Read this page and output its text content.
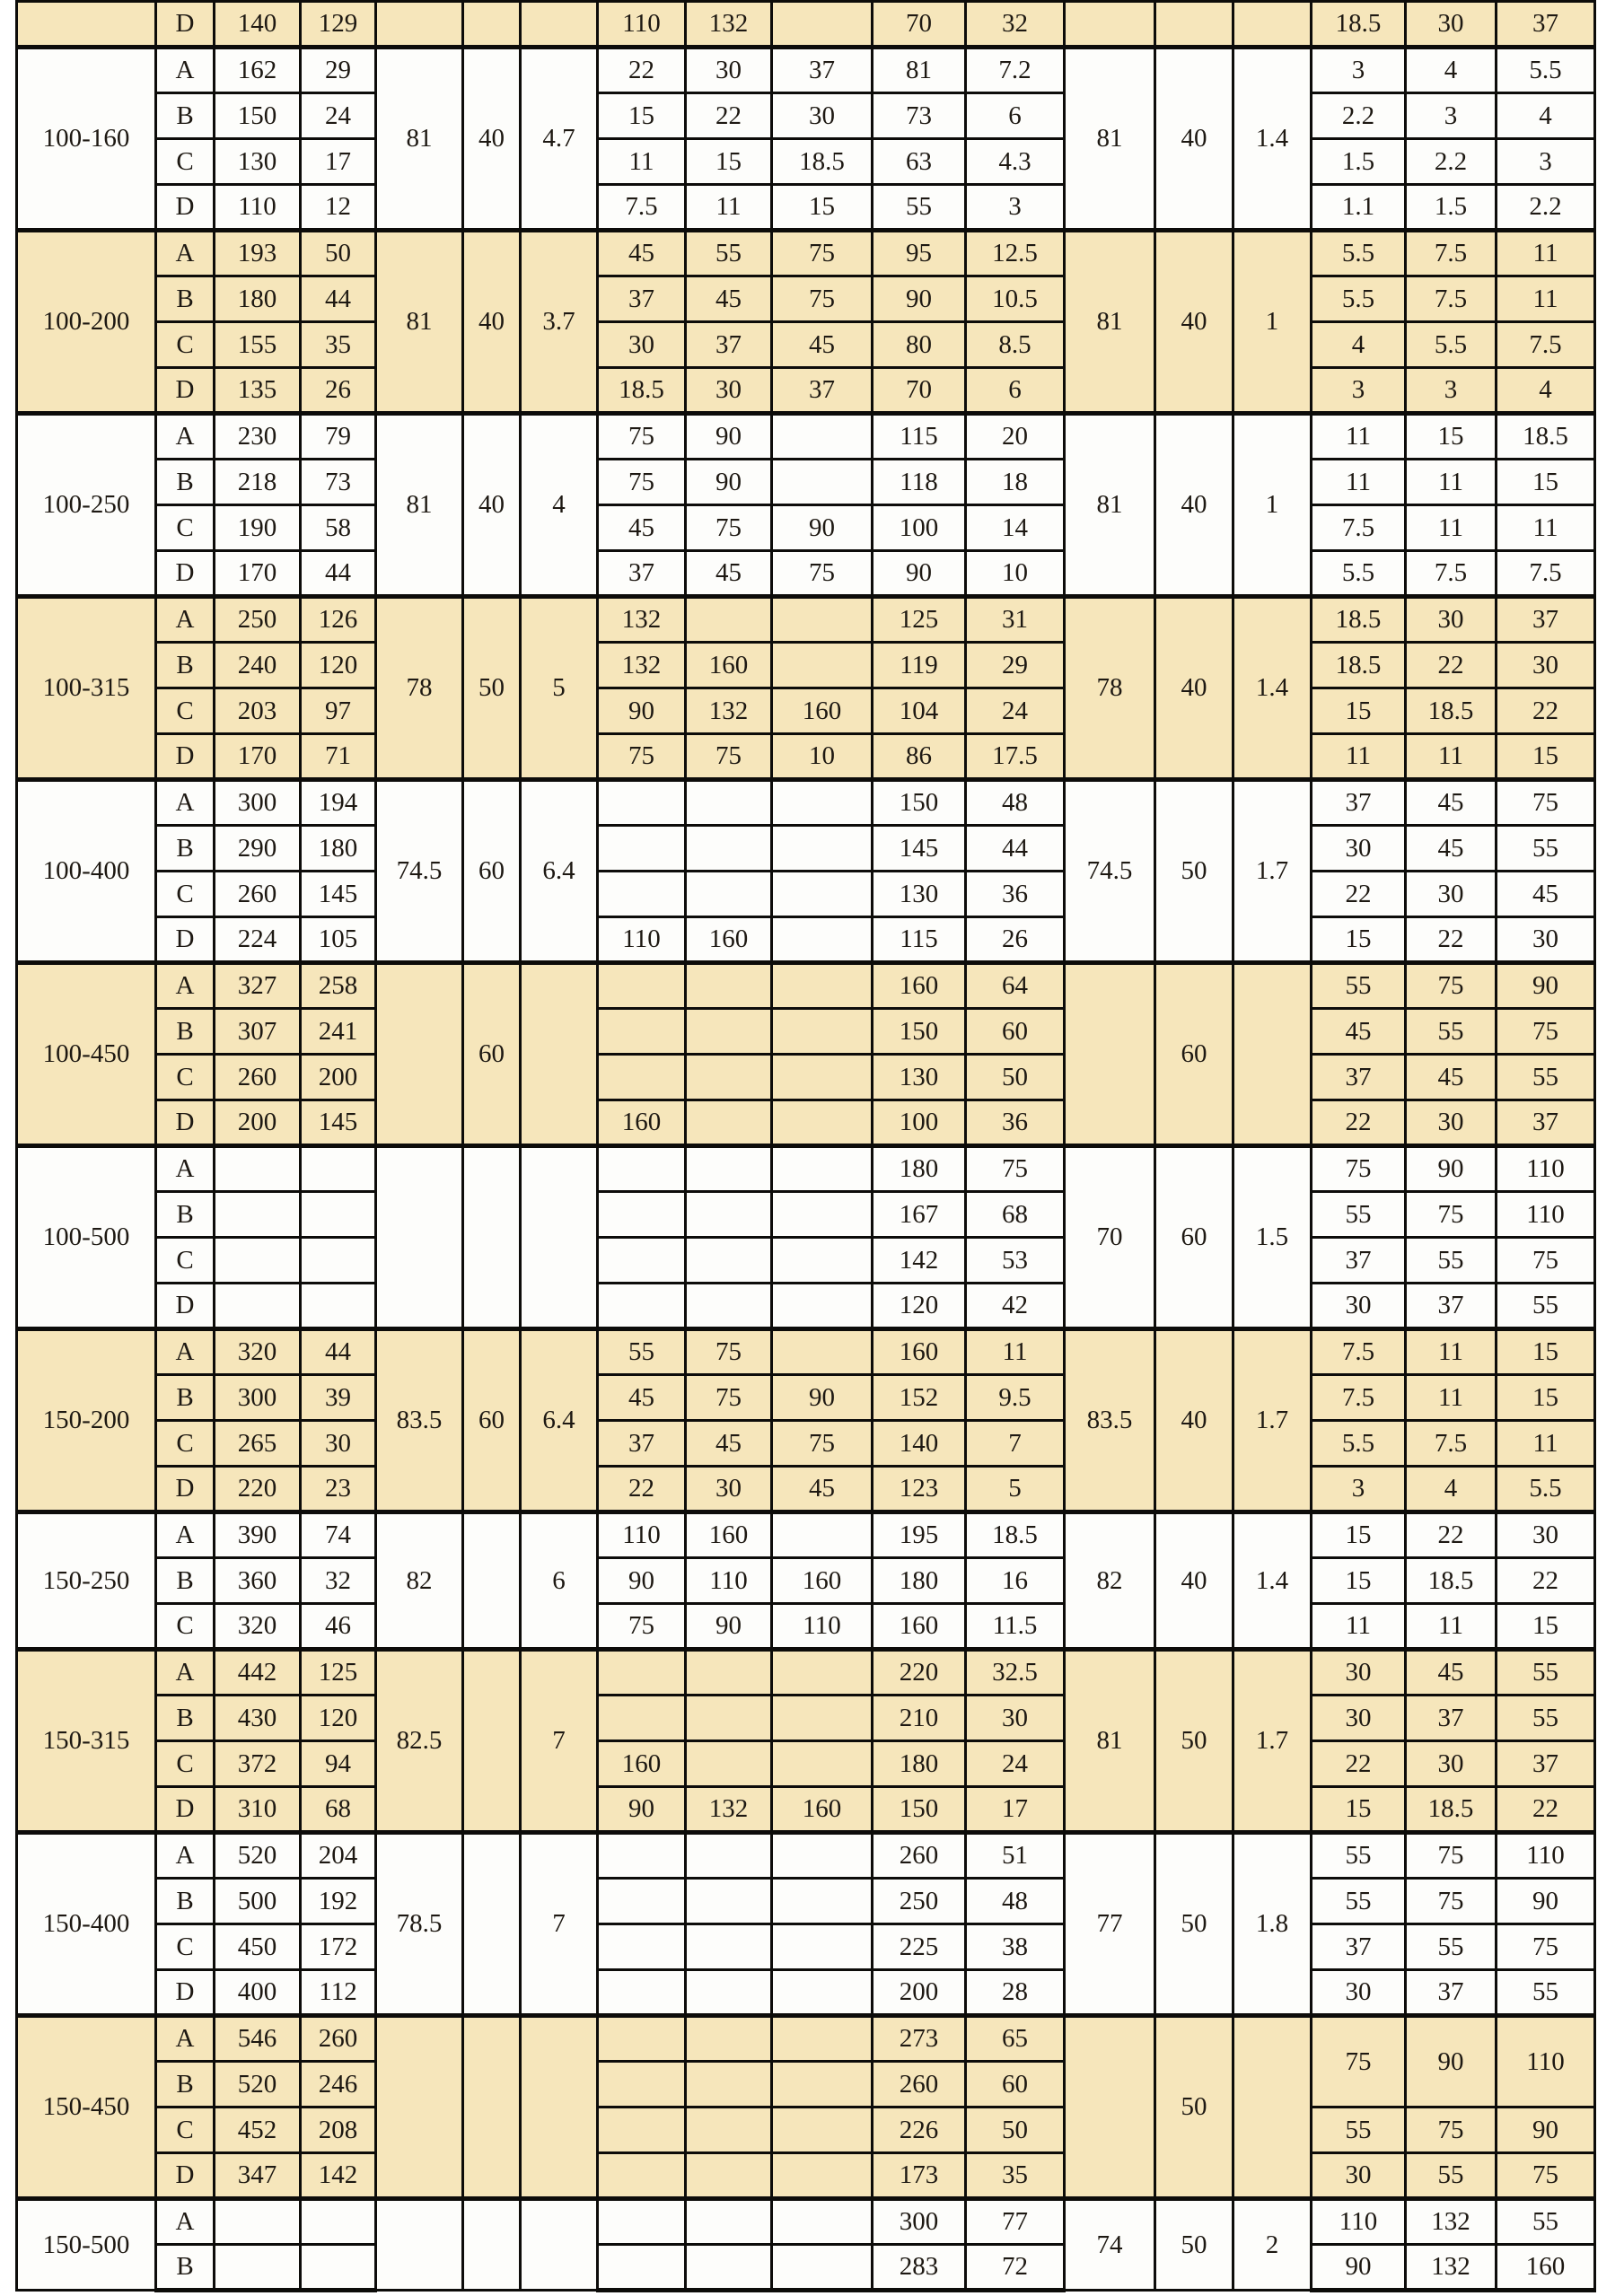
	D	140	129				110	132		70	32				18.5	30	37
100-160	A	162	29	81	40	4.7	22	30	37	81	7.2	81	40	1.4	3	4	5.5
	B	150	24				15	22	30	73	6				2.2	3	4
	C	130	17				11	15	18.5	63	4.3				1.5	2.2	3
	D	110	12				7.5	11	15	55	3				1.1	1.5	2.2
100-200	A	193	50	81	40	3.7	45	55	75	95	12.5	81	40	1	5.5	7.5	11
	B	180	44				37	45	75	90	10.5				5.5	7.5	11
	C	155	35				30	37	45	80	8.5				4	5.5	7.5
	D	135	26				18.5	30	37	70	6				3	3	4
100-250	A	230	79	81	40	4	75	90		115	20	81	40	1	11	15	18.5
	B	218	73				75	90		118	18				11	11	15
	C	190	58				45	75	90	100	14				7.5	11	11
	D	170	44				37	45	75	90	10				5.5	7.5	7.5
100-315	A	250	126	78	50	5	132			125	31	78	40	1.4	18.5	30	37
	B	240	120				132	160		119	29				18.5	22	30
	C	203	97				90	132	160	104	24				15	18.5	22
	D	170	71				75	75	10	86	17.5				11	11	15
100-400	A	300	194	74.5	60	6.4				150	48	74.5	50	1.7	37	45	75
	B	290	180							145	44				30	45	55
	C	260	145							130	36				22	30	45
	D	224	105				110	160		115	26				15	22	30
100-450	A	327	258		60					160	64		60		55	75	90
	B	307	241							150	60				45	55	75
	C	260	200							130	50				37	45	55
	D	200	145				160			100	36				22	30	37
100-500	A									180	75	70	60	1.5	75	90	110
	B									167	68				55	75	110
	C									142	53				37	55	75
	D									120	42				30	37	55
150-200	A	320	44	83.5	60	6.4	55	75		160	11	83.5	40	1.7	7.5	11	15
	B	300	39				45	75	90	152	9.5				7.5	11	15
	C	265	30				37	45	75	140	7				5.5	7.5	11
	D	220	23				22	30	45	123	5				3	4	5.5
150-250	A	390	74	82		6	110	160		195	18.5	82	40	1.4	15	22	30
	B	360	32				90	110	160	180	16				15	18.5	22
	C	320	46				75	90	110	160	11.5				11	11	15
150-315	A	442	125	82.5		7				220	32.5	81	50	1.7	30	45	55
	B	430	120							210	30				30	37	55
	C	372	94				160			180	24				22	30	37
	D	310	68				90	132	160	150	17				15	18.5	22
150-400	A	520	204	78.5		7				260	51	77	50	1.8	55	75	110
	B	500	192							250	48				55	75	90
	C	450	172							225	38				37	55	75
	D	400	112							200	28				30	37	55
150-450	A	546	260							273	65		50		75	90	110
	B	520	246							260	60						
	C	452	208							226	50				55	75	90
	D	347	142							173	35				30	55	75
150-500	A									300	77	74	50	2	110	132	55
	B									283	72				90	132	160
